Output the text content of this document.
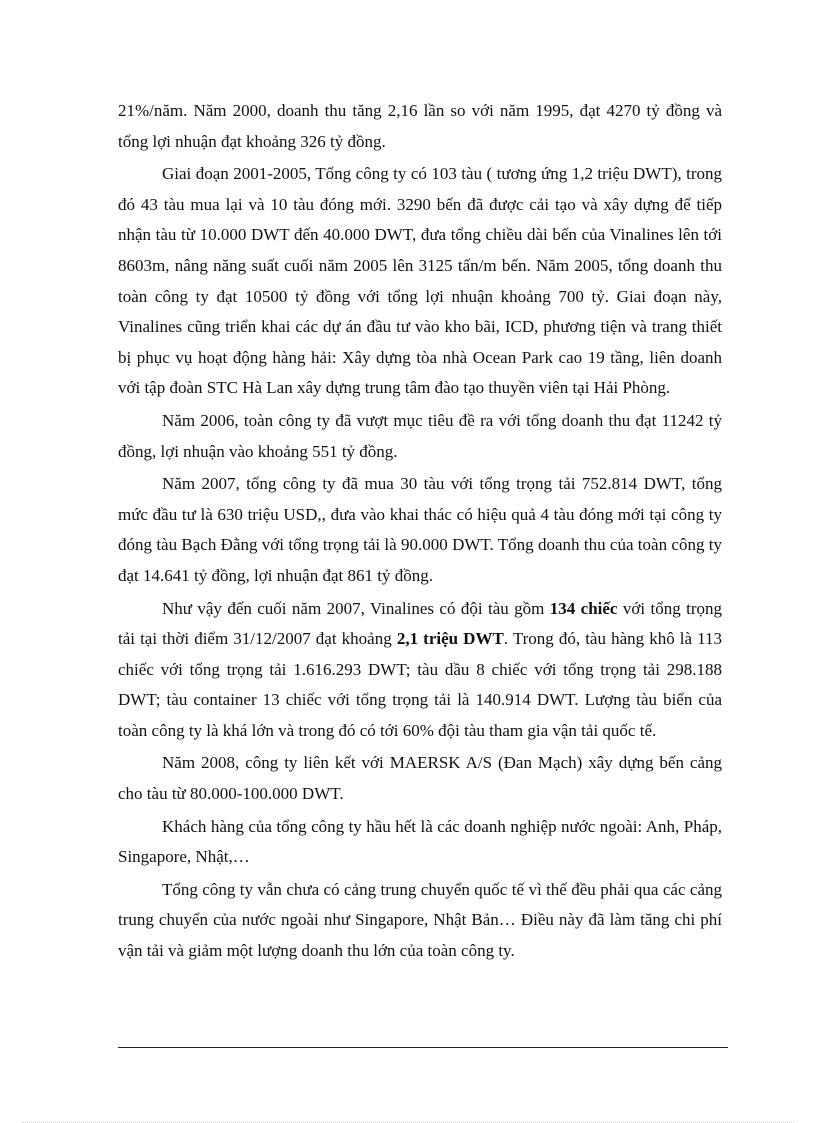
21%/năm. Năm 2000, doanh thu tăng 2,16 lần so với năm 1995, đạt 4270 tỷ đồng và tổng lợi nhuận đạt khoảng 326 tỷ đồng.

Giai đoạn 2001-2005, Tổng công ty có 103 tàu ( tương ứng 1,2 triệu DWT), trong đó 43 tàu mua lại và 10 tàu đóng mới. 3290 bến đã được cải tạo và xây dựng để tiếp nhận tàu từ 10.000 DWT đến 40.000 DWT, đưa tổng chiều dài bến của Vinalines lên tới 8603m, nâng năng suất cuối năm 2005 lên 3125 tấn/m bến. Năm 2005, tổng doanh thu toàn công ty đạt 10500 tỷ đồng với tổng lợi nhuận khoảng 700 tỷ. Giai đoạn này, Vinalines cũng triển khai các dự án đầu tư vào kho bãi, ICD, phương tiện và trang thiết bị phục vụ hoạt động hàng hải: Xây dựng tòa nhà Ocean Park cao 19 tầng, liên doanh với tập đoàn STC Hà Lan xây dựng trung tâm đào tạo thuyền viên tại Hải Phòng.

Năm 2006, toàn công ty đã vượt mục tiêu đề ra với tổng doanh thu đạt 11242 tỷ đồng, lợi nhuận vào khoảng 551 tỷ đồng.

Năm 2007, tổng công ty đã mua 30 tàu với tổng trọng tải 752.814 DWT, tổng mức đầu tư là 630 triệu USD,, đưa vào khai thác có hiệu quả 4 tàu đóng mới tại công ty đóng tàu Bạch Đằng với tổng trọng tải là 90.000 DWT. Tổng doanh thu của toàn công ty đạt 14.641 tỷ đồng, lợi nhuận đạt 861 tỷ đồng.

Như vậy đến cuối năm 2007, Vinalines có đội tàu gồm 134 chiếc với tổng trọng tải tại thời điểm 31/12/2007 đạt khoảng 2,1 triệu DWT. Trong đó, tàu hàng khô là 113 chiếc với tổng trọng tải 1.616.293 DWT; tàu dầu 8 chiếc với tổng trọng tải 298.188 DWT; tàu container 13 chiếc với tổng trọng tải là 140.914 DWT. Lượng tàu biển của toàn công ty là khá lớn và trong đó có tới 60% đội tàu tham gia vận tải quốc tế.

Năm 2008, công ty liên kết với MAERSK A/S (Đan Mạch) xây dựng bến cảng cho tàu từ 80.000-100.000 DWT.

Khách hàng của tổng công ty hầu hết là các doanh nghiệp nước ngoài: Anh, Pháp, Singapore, Nhật,…

Tổng công ty vẫn chưa có cảng trung chuyển quốc tế vì thế đều phải qua các cảng trung chuyển của nước ngoài như Singapore, Nhật Bản… Điều này đã làm tăng chi phí vận tải và giảm một lượng doanh thu lớn của toàn công ty.
